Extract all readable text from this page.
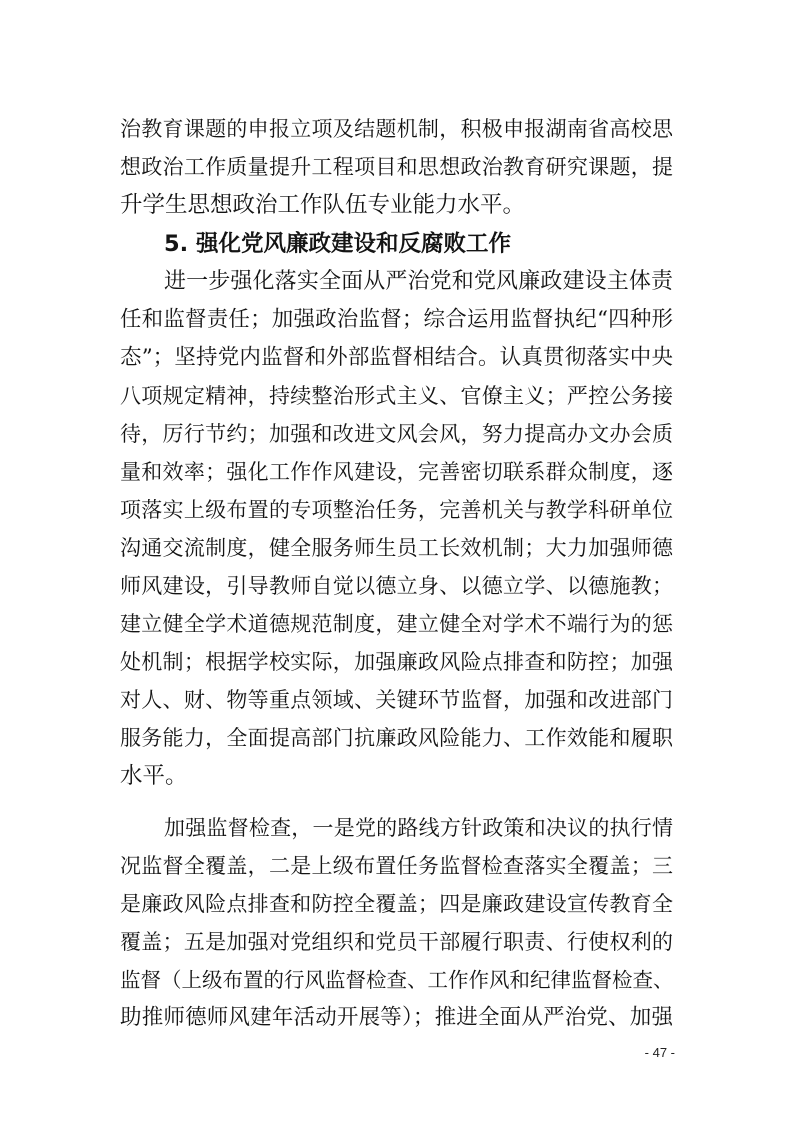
治教育课题的申报立项及结题机制，积极申报湖南省高校思
想政治工作质量提升工程项目和思想政治教育研究课题，提
升学生思想政治工作队伍专业能力水平。
5. 强化党风廉政建设和反腐败工作
进一步强化落实全面从严治党和党风廉政建设主体责
任和监督责任；加强政治监督；综合运用监督执纪“四种形
态”；坚持党内监督和外部监督相结合。认真贯彻落实中央
八项规定精神，持续整治形式主义、官僚主义；严控公务接
待，厉行节约；加强和改进文风会风，努力提高办文办会质
量和效率；强化工作作风建设，完善密切联系群众制度，逐
项落实上级布置的专项整治任务，完善机关与教学科研单位
沟通交流制度，健全服务师生员工长效机制；大力加强师德
师风建设，引导教师自觉以德立身、以德立学、以德施教；
建立健全学术道德规范制度，建立健全对学术不端行为的惩
处机制；根据学校实际，加强廉政风险点排查和防控；加强
对人、财、物等重点领域、关键环节监督，加强和改进部门
服务能力，全面提高部门抗廉政风险能力、工作效能和履职
水平。
加强监督检查，一是党的路线方针政策和决议的执行情
况监督全覆盖，二是上级布置任务监督检查落实全覆盖；三
是廉政风险点排查和防控全覆盖；四是廉政建设宣传教育全
覆盖；五是加强对党组织和党员干部履行职责、行使权利的
监督（上级布置的行风监督检查、工作作风和纪律监督检查、
助推师德师风建年活动开展等）；推进全面从严治党、加强
- 47 -
